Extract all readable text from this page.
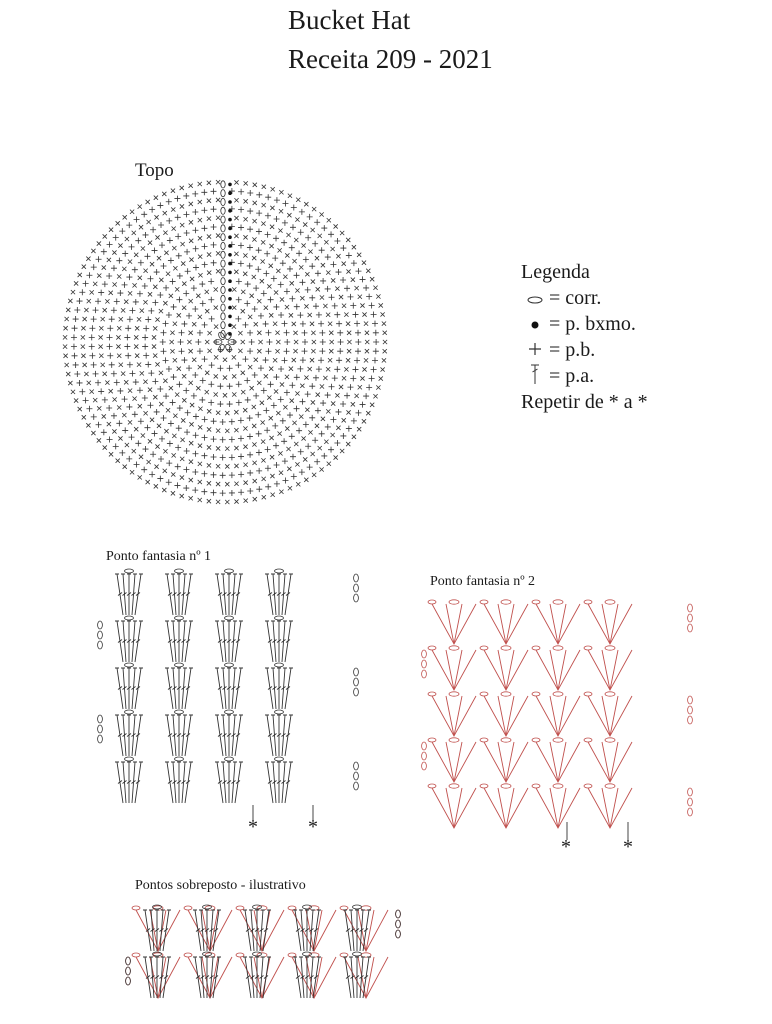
Bucket Hat
Receita 209 - 2021
Topo
Legenda
= corr.
= p. bxmo.
= p.b.
= p.a.
Repetir de * a *
Ponto fantasia nº 1
Ponto fantasia nº 2
Pontos sobreposto - ilustrativo
*	*
*	*
